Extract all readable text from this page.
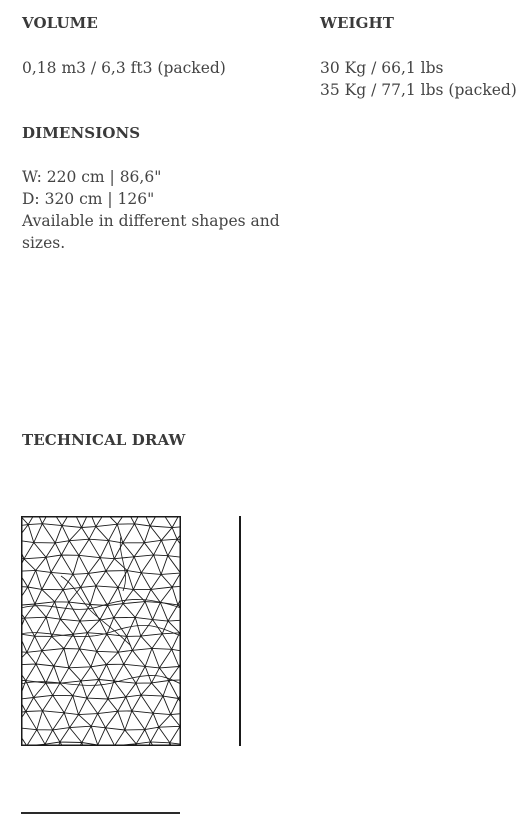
VOLUME
0,18 m3 / 6,3 ft3 (packed)
WEIGHT
30 Kg / 66,1 lbs
35 Kg / 77,1 lbs (packed)
DIMENSIONS
W: 220 cm | 86,6"
D: 320 cm | 126"
Available in different shapes and sizes.
TECHNICAL DRAW
